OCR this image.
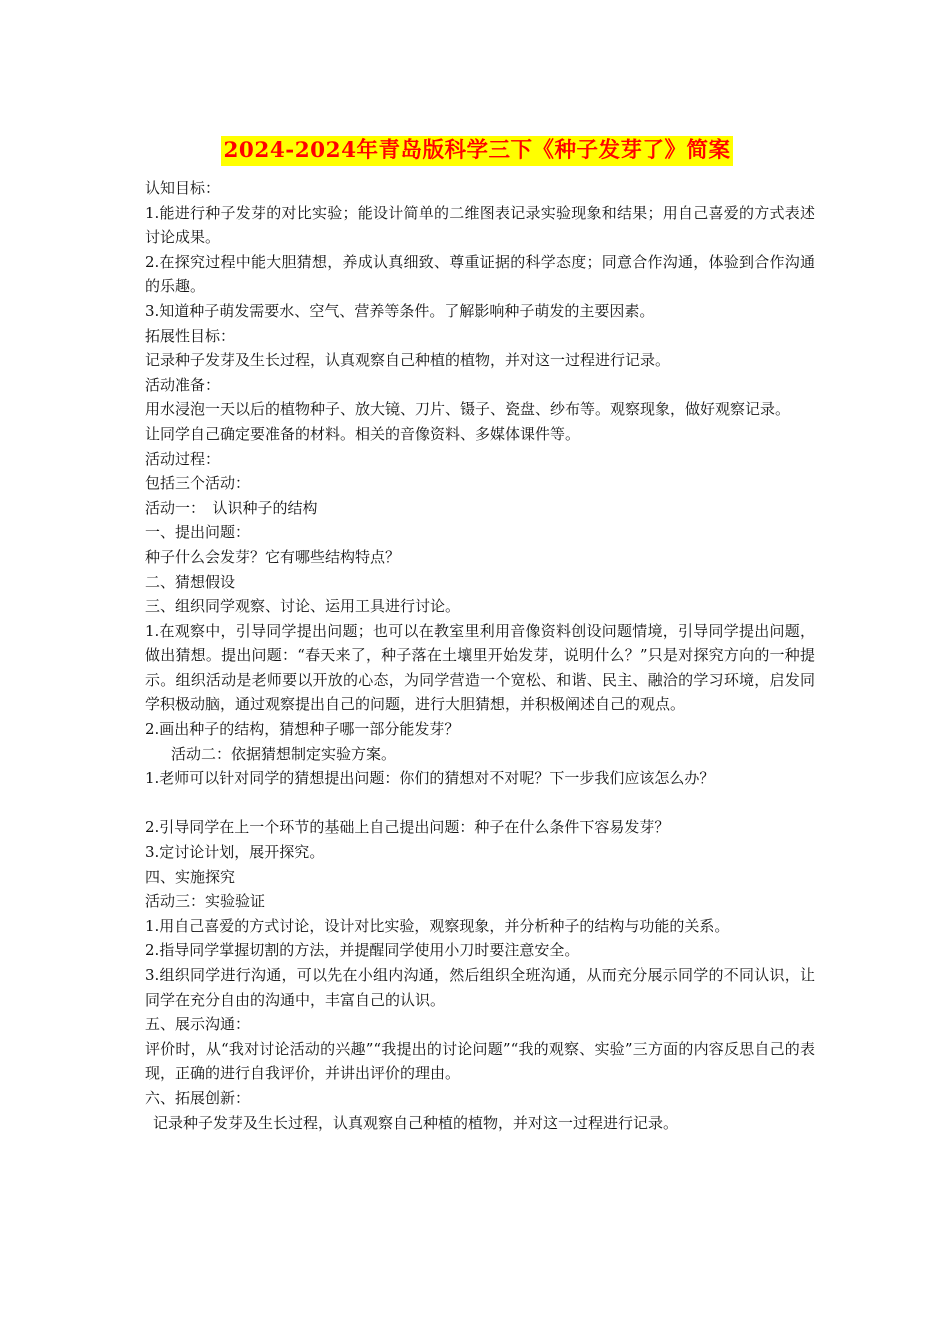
2024-2024年青岛版科学三下《种子发芽了》简案

认知目标：

1.能进行种子发芽的对比实验；能设计简单的二维图表记录实验现象和结果；用自己喜爱的方式表述讨论成果。

2.在探究过程中能大胆猜想，养成认真细致、尊重证据的科学态度；同意合作沟通，体验到合作沟通的乐趣。

3.知道种子萌发需要水、空气、营养等条件。了解影响种子萌发的主要因素。

拓展性目标：

记录种子发芽及生长过程，认真观察自己种植的植物，并对这一过程进行记录。

活动准备：

用水浸泡一天以后的植物种子、放大镜、刀片、镊子、瓷盘、纱布等。观察现象，做好观察记录。

让同学自己确定要准备的材料。相关的音像资料、多媒体课件等。

活动过程：

包括三个活动：

活动一：　认识种子的结构

一、提出问题：

种子什么会发芽？它有哪些结构特点？

二、猜想假设

三、组织同学观察、讨论、运用工具进行讨论。

1.在观察中，引导同学提出问题；也可以在教室里利用音像资料创设问题情境，引导同学提出问题，做出猜想。提出问题：“春天来了，种子落在土壤里开始发芽，说明什么？”只是对探究方向的一种提示。组织活动是老师要以开放的心态，为同学营造一个宽松、和谐、民主、融洽的学习环境，启发同学积极动脑，通过观察提出自己的问题，进行大胆猜想，并积极阐述自己的观点。

2.画出种子的结构，猜想种子哪一部分能发芽？

活动二：依据猜想制定实验方案。

1.老师可以针对同学的猜想提出问题：你们的猜想对不对呢？下一步我们应该怎么办？

2.引导同学在上一个环节的基础上自己提出问题：种子在什么条件下容易发芽？

3.定讨论计划，展开探究。

四、实施探究

活动三：实验验证

1.用自己喜爱的方式讨论，设计对比实验，观察现象，并分析种子的结构与功能的关系。

2.指导同学掌握切割的方法，并提醒同学使用小刀时要注意安全。

3.组织同学进行沟通，可以先在小组内沟通，然后组织全班沟通，从而充分展示同学的不同认识，让同学在充分自由的沟通中，丰富自己的认识。

五、展示沟通：

评价时，从“我对讨论活动的兴趣”“我提出的讨论问题”“我的观察、实验”三方面的内容反思自己的表现，正确的进行自我评价，并讲出评价的理由。

六、拓展创新：

记录种子发芽及生长过程，认真观察自己种植的植物，并对这一过程进行记录。
